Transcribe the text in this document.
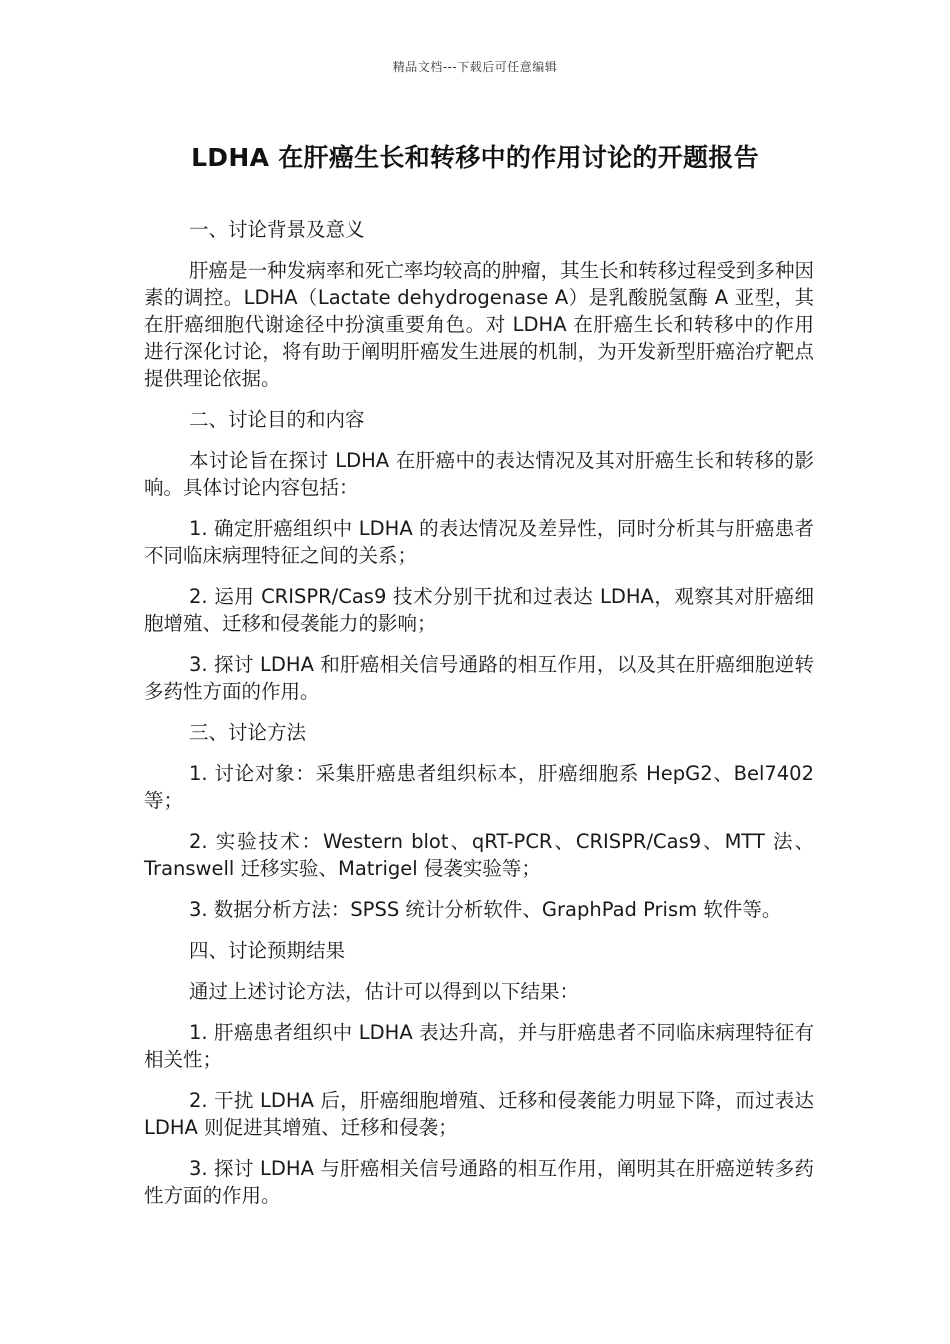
精品文档---下载后可任意编辑
LDHA 在肝癌生长和转移中的作用讨论的开题报告

一、讨论背景及意义

肝癌是一种发病率和死亡率均较高的肿瘤，其生长和转移过程受到多种因素的调控。LDHA（Lactate dehydrogenase A）是乳酸脱氢酶 A 亚型，其在肝癌细胞代谢途径中扮演重要角色。对 LDHA 在肝癌生长和转移中的作用进行深化讨论，将有助于阐明肝癌发生进展的机制，为开发新型肝癌治疗靶点提供理论依据。

二、讨论目的和内容

本讨论旨在探讨 LDHA 在肝癌中的表达情况及其对肝癌生长和转移的影响。具体讨论内容包括：

1. 确定肝癌组织中 LDHA 的表达情况及差异性，同时分析其与肝癌患者不同临床病理特征之间的关系；

2. 运用 CRISPR/Cas9 技术分别干扰和过表达 LDHA，观察其对肝癌细胞增殖、迁移和侵袭能力的影响；

3. 探讨 LDHA 和肝癌相关信号通路的相互作用，以及其在肝癌细胞逆转多药性方面的作用。

三、讨论方法

1. 讨论对象：采集肝癌患者组织标本，肝癌细胞系 HepG2、Bel7402 等；

2. 实验技术：Western blot、qRT-PCR、CRISPR/Cas9、MTT 法、Transwell 迁移实验、Matrigel 侵袭实验等；

3. 数据分析方法：SPSS 统计分析软件、GraphPad Prism 软件等。

四、讨论预期结果

通过上述讨论方法，估计可以得到以下结果：

1. 肝癌患者组织中 LDHA 表达升高，并与肝癌患者不同临床病理特征有相关性；

2. 干扰 LDHA 后，肝癌细胞增殖、迁移和侵袭能力明显下降，而过表达 LDHA 则促进其增殖、迁移和侵袭；

3. 探讨 LDHA 与肝癌相关信号通路的相互作用，阐明其在肝癌逆转多药性方面的作用。
